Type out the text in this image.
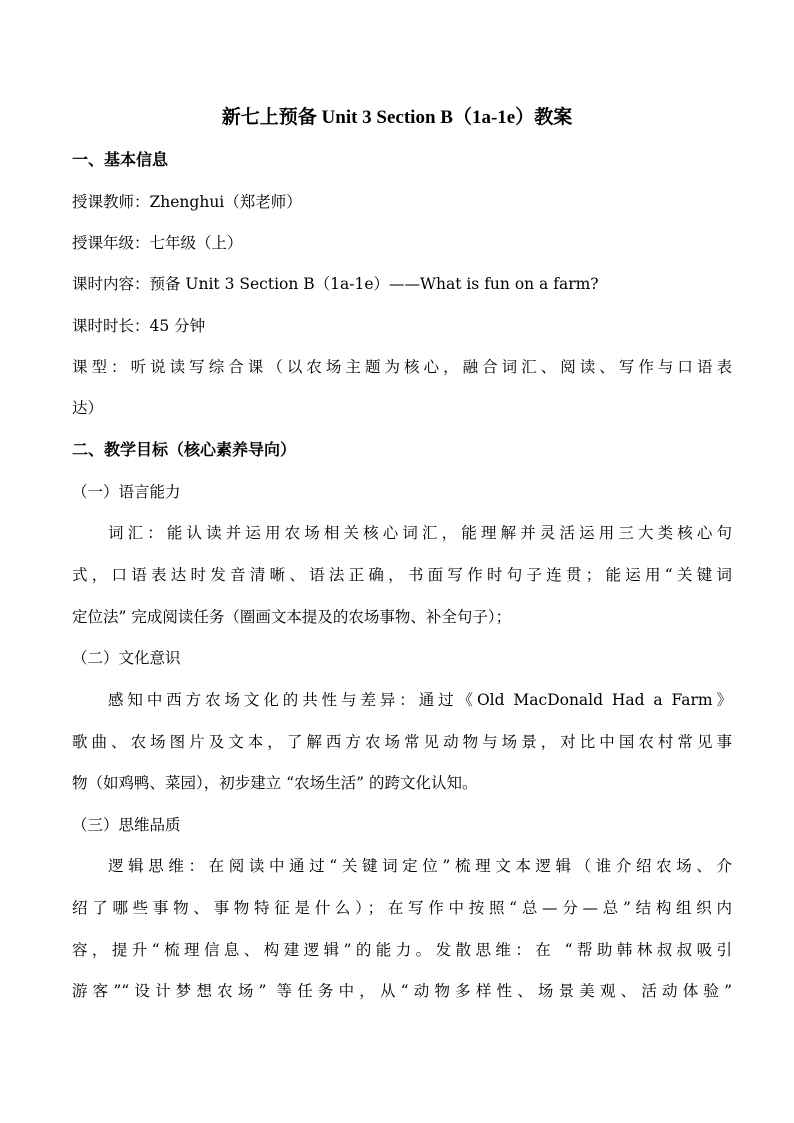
新七上预备 Unit 3 Section B（1a-1e）教案
一、基本信息
授课教师：Zhenghui（郑老师）
授课年级：七年级（上）
课时内容：预备 Unit 3 Section B（1a-1e）——What is fun on a farm?
课时时长：45 分钟
课型：听说读写综合课（以农场主题为核心，融合词汇、阅读、写作与口语表
达）
二、教学目标（核心素养导向）
（一）语言能力
词汇：能认读并运用农场相关核心词汇，能理解并灵活运用三大类核心句
式，口语表达时发音清晰、语法正确，书面写作时句子连贯；能运用“关键词
定位法” 完成阅读任务（圈画文本提及的农场事物、补全句子）；
（二）文化意识
感知中西方农场文化的共性与差异：通过《Old MacDonald Had a Farm》
歌曲、农场图片及文本，了解西方农场常见动物与场景，对比中国农村常见事
物（如鸡鸭、菜园），初步建立 “农场生活” 的跨文化认知。
（三）思维品质
逻辑思维：在阅读中通过“关键词定位”梳理文本逻辑（谁介绍农场、介
绍了哪些事物、事物特征是什么）；在写作中按照“总—分—总”结构组织内
容，提升“梳理信息、构建逻辑”的能力。发散思维：在 “帮助韩林叔叔吸引
游客”“设计梦想农场” 等任务中，从“动物多样性、场景美观、活动体验”
